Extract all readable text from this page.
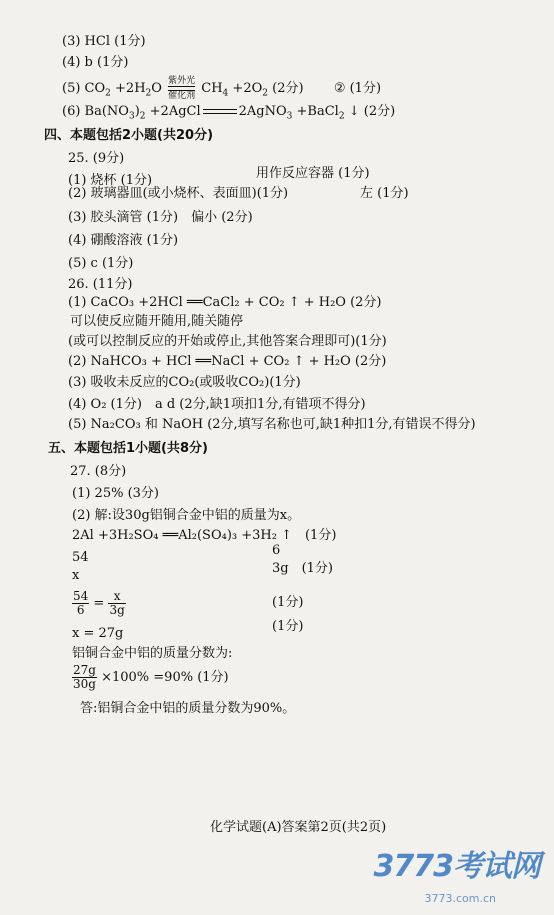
(3) HCl (1分)
(4) b (1分)
(5) $CO_2 +2H_2O$ 紫外光
催化剂 $CH_4 +2O_2$ (2分) ② (1分)
(6) $Ba(NO_3)_2$ +2AgCl	2AgNO$_3$ +BaCl$_2$ ↓ (2分)
四、本题包括2小题(共20分)
25. (9分)
(1) 烧杯 (1分)	用作反应容器 (1分)
(2) 玻璃器皿(或小烧杯、表面皿)(1分)	左 (1分)
(3) 胶头滴管 (1分)　偏小 (2分)
(4) 硼酸溶液 (1分)
(5) c (1分)
26. (11分)
(1) CaCO₃ +2HCl ══CaCl₂ + CO₂ ↑ + H₂O (2分)
可以使反应随开随用,随关随停
(或可以控制反应的开始或停止,其他答案合理即可)(1分)
(2) NaHCO₃ + HCl ══NaCl + CO₂ ↑ + H₂O (2分)
(3) 吸收未反应的CO₂(或吸收CO₂)(1分)
(4) O₂ (1分)　a d (2分,缺1项扣1分,有错项不得分)
(5) Na₂CO₃ 和 NaOH (2分,填写名称也可,缺1种扣1分,有错误不得分)
五、本题包括1小题(共8分)
27. (8分)
(1) 25% (3分)
(2) 解:设30g铝铜合金中铝的质量为x。
2Al +3H₂SO₄ ══Al₂(SO₄)₃ +3H₂ ↑　(1分)
54	6
x	3g　(1分)
$\frac{54}{6} = \frac{x}{3g}$	(1分)
x = 27g	(1分)
铝铜合金中铝的质量分数为:
$\frac{27g}{30g} \times 100\% =90\%$ (1分)
答:铝铜合金中铝的质量分数为90%。
化学试题(A)答案第2页(共2页)
3773考试网
3773.com.cn
